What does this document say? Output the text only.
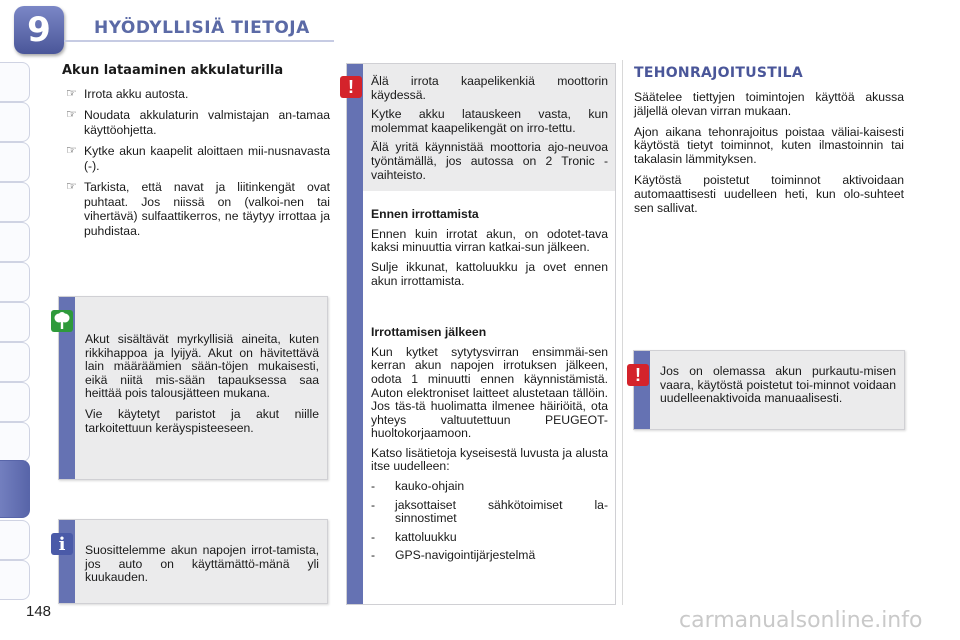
9	HYÖDYLLISIÄ TIETOJA
Akun lataaminen akkulaturilla
☞ Irrota akku autosta.
☞ Noudata akkulaturin valmistajan an-tamaa käyttöohjetta.
☞ Kytke akun kaapelit aloittaen mii-nusnavasta (-).
☞ Tarkista, että navat ja liitinkengät ovat puhtaat. Jos niissä on (valkoi-nen tai vihertävä) sulfaattikerros, ne täytyy irrottaa ja puhdistaa.

Akut sisältävät myrkyllisiä aineita, kuten rikkihappoa ja lyijyä. Akut on hävitettävä lain määräämien sään-töjen mukaisesti, eikä niitä mis-sään tapauksessa saa heittää pois talousjätteen mukana.

Vie käytetyt paristot ja akut niille tarkoitettuun keräyspisteeseen.

Suosittelemme akun napojen irrot-tamista, jos auto on käyttämättö-mänä yli kuukauden.
i

Älä irrota kaapelikenkiä moottorin käydessä.

Kytke akku latauskeen vasta, kun molemmat kaapelikengät on irro-tettu.

Älä yritä käynnistää moottoria ajo-neuvoa työntämällä, jos autossa on 2 Tronic -vaihteisto.

Ennen irrottamista

Ennen kuin irrotat akun, on odotet-tava kaksi minuuttia virran katkai-sun jälkeen.

Sulje ikkunat, kattoluukku ja ovet ennen akun irrottamista.

Irrottamisen jälkeen

Kun kytket sytytysvirran ensimmäi-sen kerran akun napojen irrotuksen jälkeen, odota 1 minuutti ennen käynnistämistä. Auton elektroniset laitteet alustetaan tällöin. Jos täs-tä huolimatta ilmenee häiriöitä, ota yhteys valtuutettuun PEUGEOT-huoltokorjaamoon.

Katso lisätietoja kyseisestä luvusta ja alusta itse uudelleen:

- kauko-ohjain
- jaksottaiset sähkötoimiset la-sinnostimet
- kattoluukku
- GPS-navigointijärjestelmä
!
TEHONRAJOITUSTILA

Säätelee tiettyjen toimintojen käyttöä akussa jäljellä olevan virran mukaan.

Ajon aikana tehonrajoitus poistaa väliai-kaisesti käytöstä tietyt toiminnot, kuten ilmastoinnin tai takalasin lämmityksen.

Käytöstä poistetut toiminnot aktivoidaan automaattisesti uudelleen heti, kun olo-suhteet sen sallivat.

Jos on olemassa akun purkautu-misen vaara, käytöstä poistetut toi-minnot voidaan uudelleenaktivoida manuaalisesti.
!
148	carmanualsonline.info
